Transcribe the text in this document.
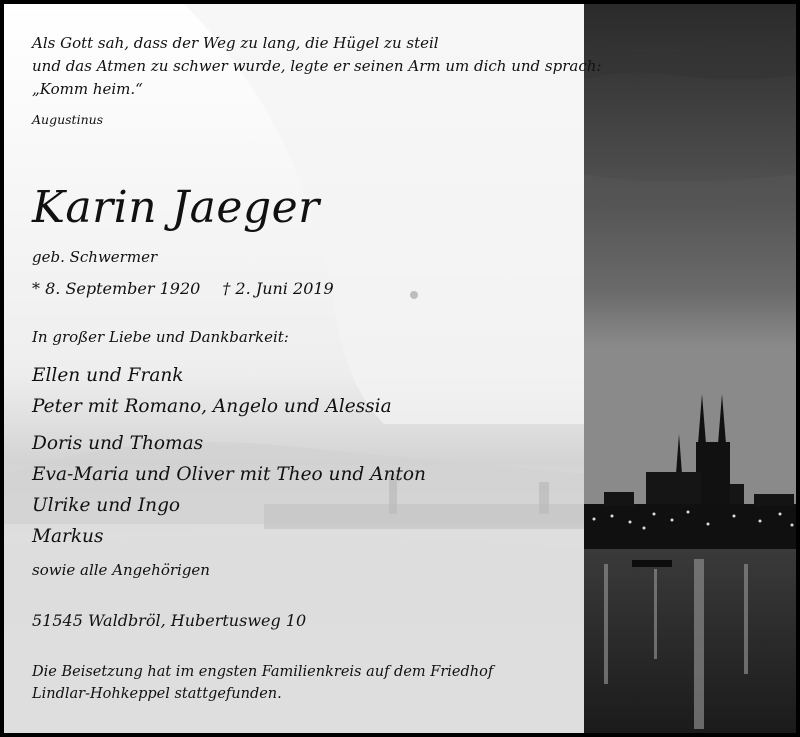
Als Gott sah, dass der Weg zu lang, die Hügel zu steil
und das Atmen zu schwer wurde, legte er seinen Arm um dich und sprach:
„Komm heim.“
Augustinus
Karin Jaeger
geb. Schwermer
* 8. September 1920 † 2. Juni 2019
In großer Liebe und Dankbarkeit:
Ellen und Frank
Peter mit Romano, Angelo und Alessia
Doris und Thomas
Eva-Maria und Oliver mit Theo und Anton
Ulrike und Ingo
Markus
sowie alle Angehörigen
51545 Waldbröl, Hubertusweg 10
Die Beisetzung hat im engsten Familienkreis auf dem Friedhof
Lindlar-Hohkeppel stattgefunden.
